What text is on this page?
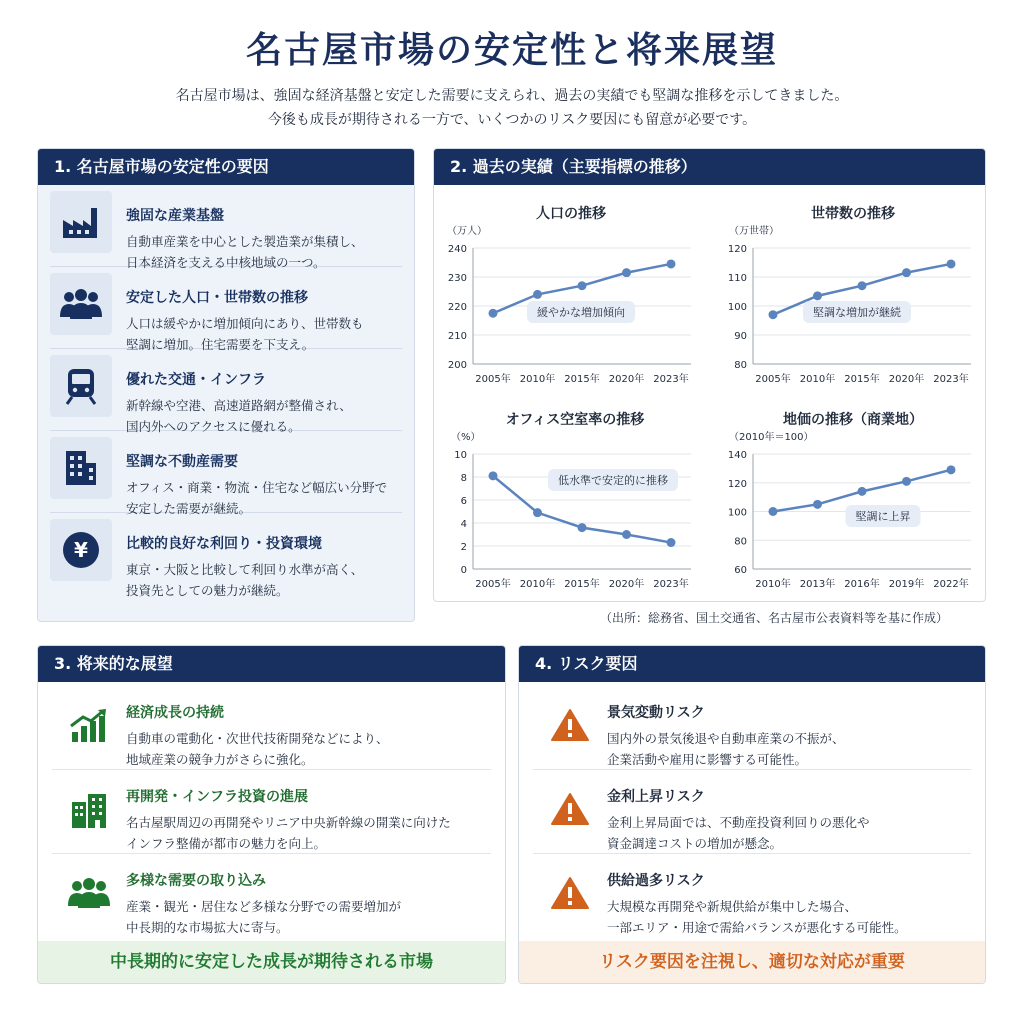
名古屋市場の安定性と将来展望
名古屋市場は、強固な経済基盤と安定した需要に支えられ、過去の実績でも堅調な推移を示してきました。
今後も成長が期待される一方で、いくつかのリスク要因にも留意が必要です。
1. 名古屋市場の安定性の要因
強固な産業基盤

自動車産業を中心とした製造業が集積し、
日本経済を支える中核地域の一つ。

安定した人口・世帯数の推移

人口は緩やかに増加傾向にあり、世帯数も
堅調に増加。住宅需要を下支え。

優れた交通・インフラ

新幹線や空港、高速道路網が整備され、
国内外へのアクセスに優れる。

堅調な不動産需要

オフィス・商業・物流・住宅など幅広い分野で
安定した需要が継続。

¥	比較的良好な利回り・投資環境

東京・大阪と比較して利回り水準が高く、
投資先としての魅力が継続。

2. 過去の実績（主要指標の推移）
人口の推移
（万人）
200
210
220
230
240
2005年 2010年 2015年 2020年 2023年
緩やかな増加傾向
世帯数の推移
（万世帯）
80
90
100
110
120
2005年 2010年 2015年 2020年 2023年
堅調な増加が継続
オフィス空室率の推移
（%）
0
2
4
6
8
10
2005年 2010年 2015年 2020年 2023年
低水準で安定的に推移
地価の推移（商業地）
（2010年＝100）
60
80
100
120
140
2010年 2013年 2016年 2019年 2022年
堅調に上昇
（出所：総務省、国土交通省、名古屋市公表資料等を基に作成）
3. 将来的な展望
経済成長の持続

自動車の電動化・次世代技術開発などにより、
地域産業の競争力がさらに強化。

再開発・インフラ投資の進展

名古屋駅周辺の再開発やリニア中央新幹線の開業に向けた
インフラ整備が都市の魅力を向上。

多様な需要の取り込み

産業・観光・居住など多様な分野での需要増加が
中長期的な市場拡大に寄与。

中長期的に安定した成長が期待される市場
4. リスク要因
景気変動リスク

国内外の景気後退や自動車産業の不振が、
企業活動や雇用に影響する可能性。

金利上昇リスク

金利上昇局面では、不動産投資利回りの悪化や
資金調達コストの増加が懸念。

供給過多リスク

大規模な再開発や新規供給が集中した場合、
一部エリア・用途で需給バランスが悪化する可能性。

リスク要因を注視し、適切な対応が重要
